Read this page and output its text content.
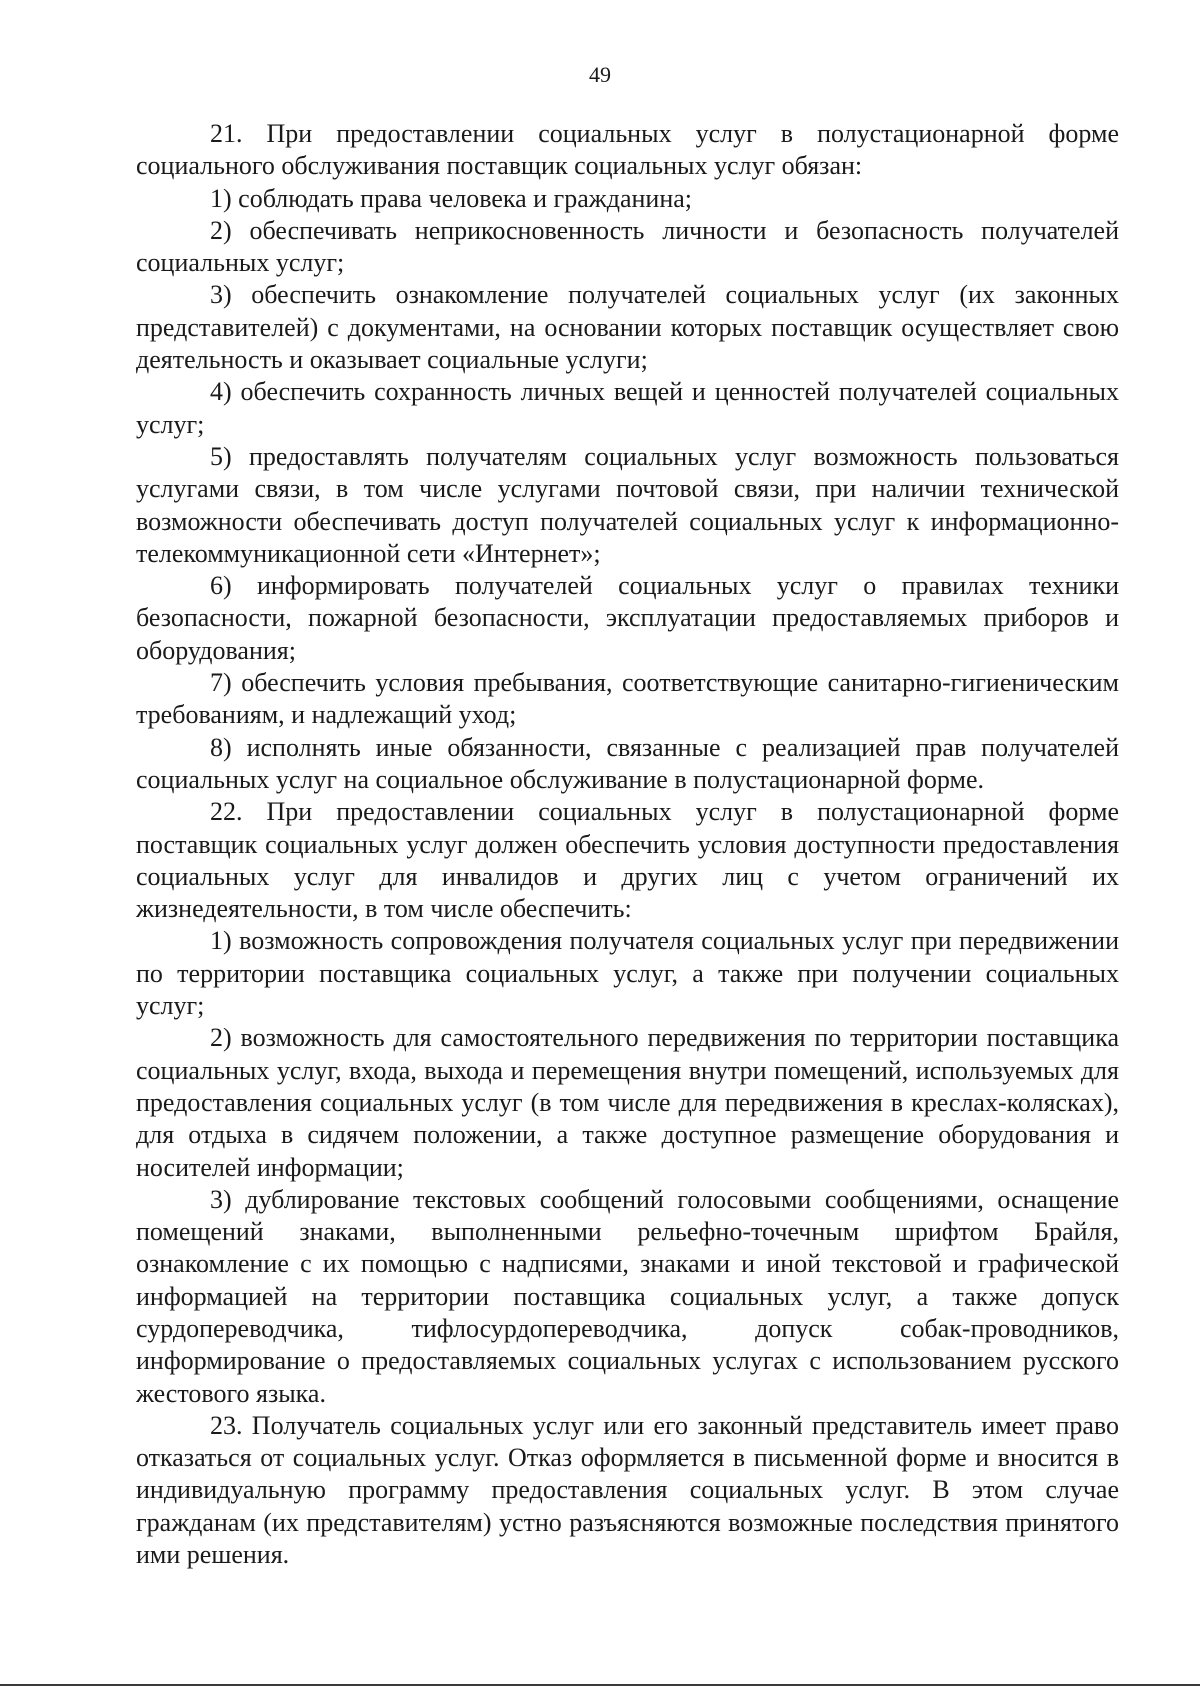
49

21. При предоставлении социальных услуг в полустационарной форме социального обслуживания поставщик социальных услуг обязан:

1) соблюдать права человека и гражданина;

2) обеспечивать неприкосновенность личности и безопасность получателей социальных услуг;

3) обеспечить ознакомление получателей социальных услуг (их законных представителей) с документами, на основании которых поставщик осуществляет свою деятельность и оказывает социальные услуги;

4) обеспечить сохранность личных вещей и ценностей получателей социальных услуг;

5) предоставлять получателям социальных услуг возможность пользоваться услугами связи, в том числе услугами почтовой связи, при наличии технической возможности обеспечивать доступ получателей социальных услуг к информационно-телекоммуникационной сети «Интернет»;

6) информировать получателей социальных услуг о правилах техники безопасности, пожарной безопасности, эксплуатации предоставляемых приборов и оборудования;

7) обеспечить условия пребывания, соответствующие санитарно-гигиеническим требованиям, и надлежащий уход;

8) исполнять иные обязанности, связанные с реализацией прав получателей социальных услуг на социальное обслуживание в полустационарной форме.

22. При предоставлении социальных услуг в полустационарной форме поставщик социальных услуг должен обеспечить условия доступности предоставления социальных услуг для инвалидов и других лиц с учетом ограничений их жизнедеятельности, в том числе обеспечить:

1) возможность сопровождения получателя социальных услуг при передвижении по территории поставщика социальных услуг, а также при получении социальных услуг;

2) возможность для самостоятельного передвижения по территории поставщика социальных услуг, входа, выхода и перемещения внутри помещений, используемых для предоставления социальных услуг (в том числе для передвижения в креслах-колясках), для отдыха в сидячем положении, а также доступное размещение оборудования и носителей информации;

3) дублирование текстовых сообщений голосовыми сообщениями, оснащение помещений знаками, выполненными рельефно-точечным шрифтом Брайля, ознакомление с их помощью с надписями, знаками и иной текстовой и графической информацией на территории поставщика социальных услуг, а также допуск сурдопереводчика, тифлосурдопереводчика, допуск собак-проводников, информирование о предоставляемых социальных услугах с использованием русского жестового языка.

23. Получатель социальных услуг или его законный представитель имеет право отказаться от социальных услуг. Отказ оформляется в письменной форме и вносится в индивидуальную программу предоставления социальных услуг. В этом случае гражданам (их представителям) устно разъясняются возможные последствия принятого ими решения.
